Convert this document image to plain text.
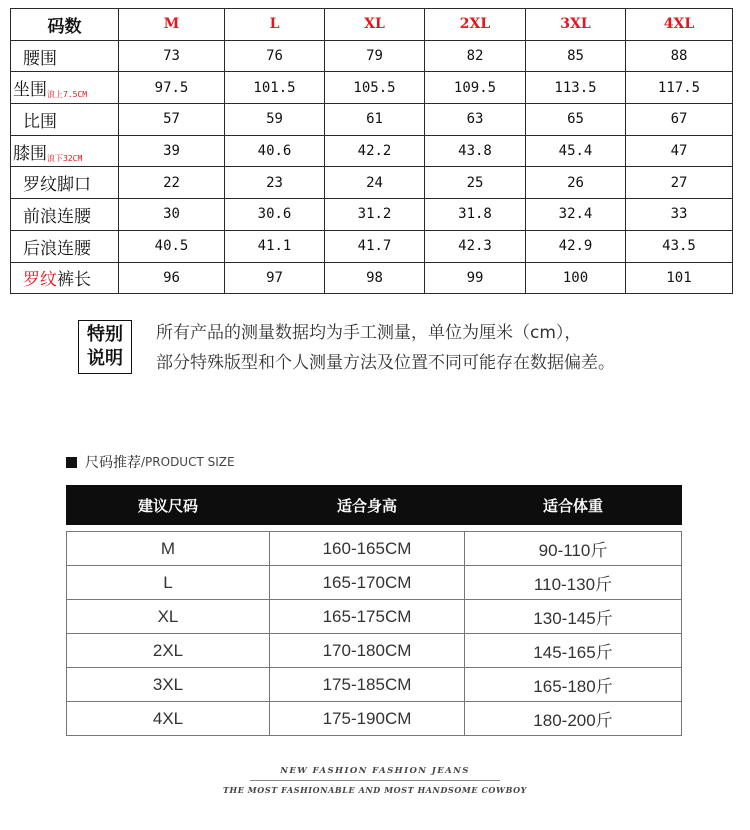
码数	M	L	XL	2XL	3XL	4XL
腰围	73	76	79	82	85	88
坐围浪上7.5CM	97.5	101.5	105.5	109.5	113.5	117.5
比围	57	59	61	63	65	67
膝围浪下32CM	39	40.6	42.2	43.8	45.4	47
罗纹脚口	22	23	24	25	26	27
前浪连腰	30	30.6	31.2	31.8	32.4	33
后浪连腰	40.5	41.1	41.7	42.3	42.9	43.5
罗纹裤长	96	97	98	99	100	101
特别
说明
所有产品的测量数据均为手工测量，单位为厘米（cm），
部分特殊版型和个人测量方法及位置不同可能存在数据偏差。
尺码推荐 /PRODUCT SIZE
建议尺码	适合身高	适合体重

M	160-165CM	90-110斤
L	165-170CM	110-130斤
XL	165-175CM	130-145斤
2XL	170-180CM	145-165斤
3XL	175-185CM	165-180斤
4XL	175-190CM	180-200斤
NEW FASHION FASHION JEANS
THE MOST FASHIONABLE AND MOST HANDSOME COWBOY
